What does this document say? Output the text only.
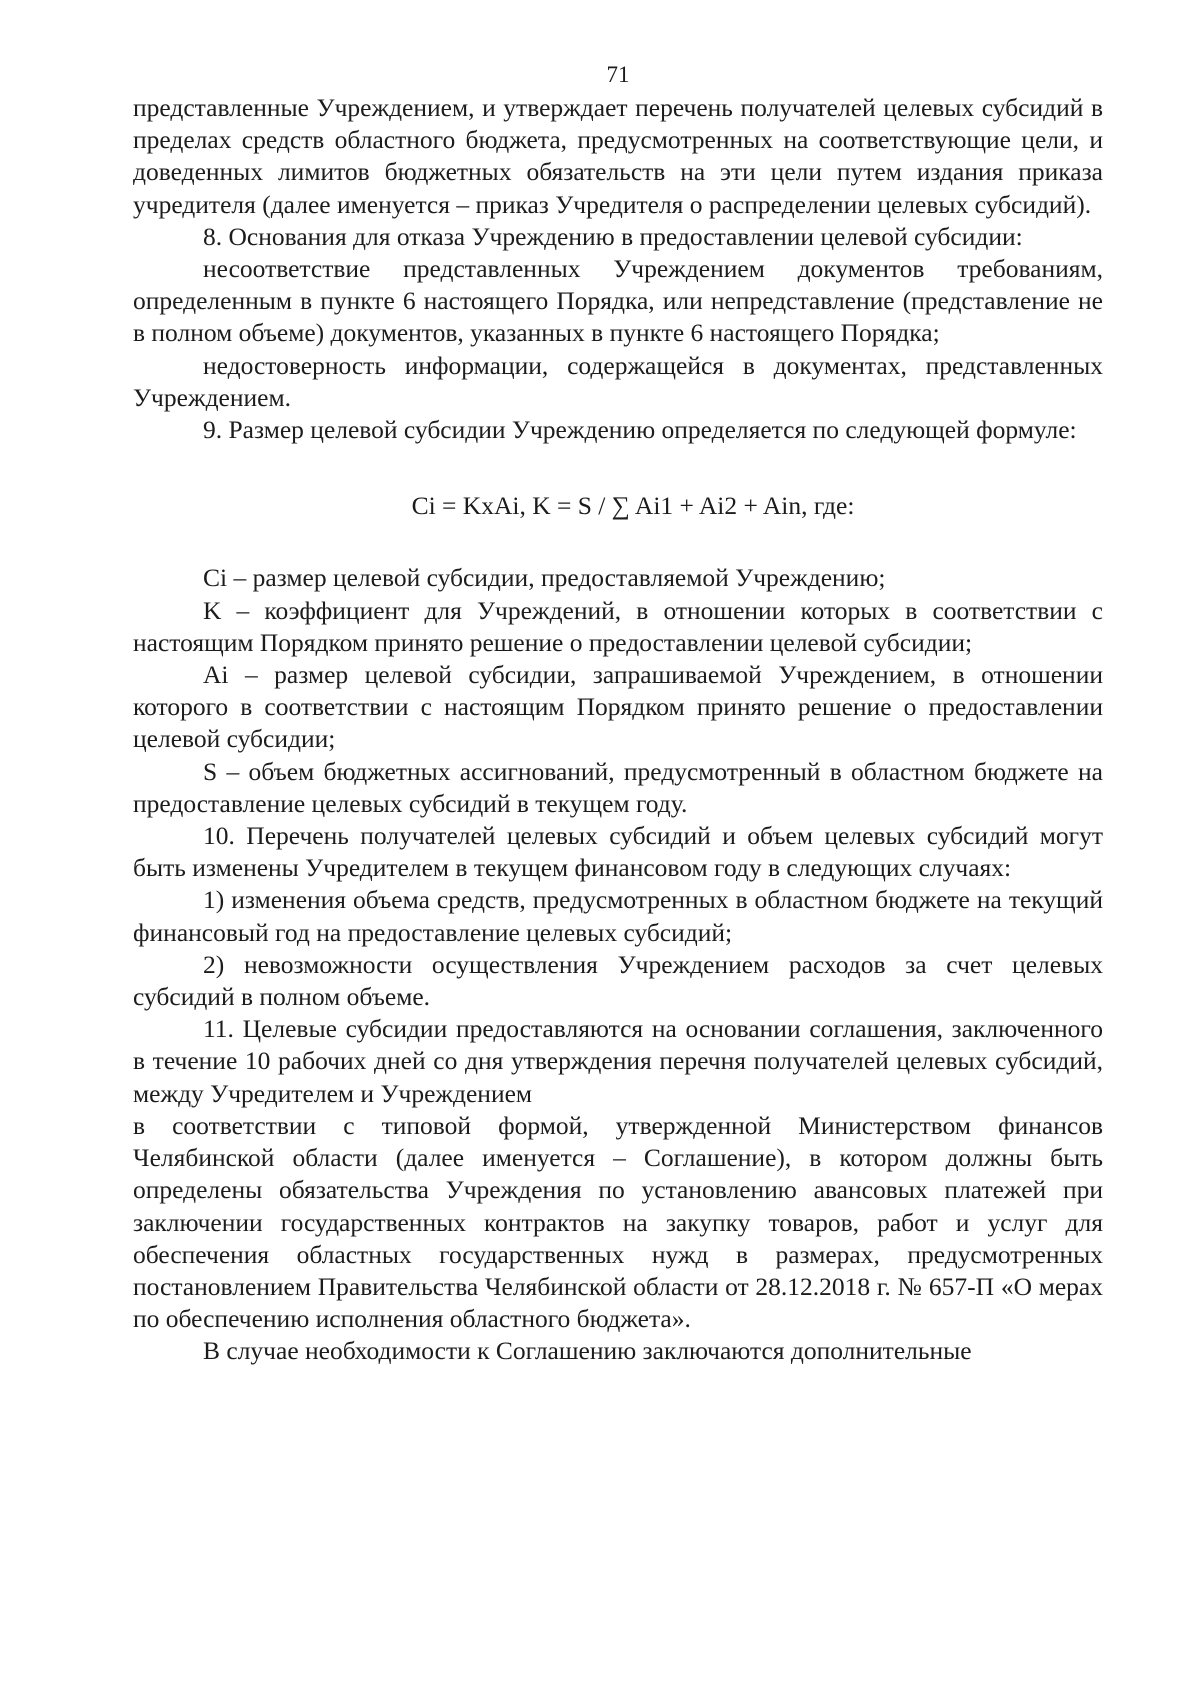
71

представленные Учреждением, и утверждает перечень получателей целевых субсидий в пределах средств областного бюджета, предусмотренных на соответствующие цели, и доведенных лимитов бюджетных обязательств на эти цели путем издания приказа учредителя (далее именуется – приказ Учредителя о распределении целевых субсидий).

8. Основания для отказа Учреждению в предоставлении целевой субсидии:

несоответствие представленных Учреждением документов требованиям, определенным в пункте 6 настоящего Порядка, или непредставление (представление не в полном объеме) документов, указанных в пункте 6 настоящего Порядка;

недостоверность информации, содержащейся в документах, представленных Учреждением.

9. Размер целевой субсидии Учреждению определяется по следующей формуле:

Ci = KxAi, K = S / ∑ Ai1 + Ai2 + Ain, где:

Ci – размер целевой субсидии, предоставляемой Учреждению;

K – коэффициент для Учреждений, в отношении которых в соответствии с настоящим Порядком принято решение о предоставлении целевой субсидии;

Ai – размер целевой субсидии, запрашиваемой Учреждением, в отношении которого в соответствии с настоящим Порядком принято решение о предоставлении целевой субсидии;

S – объем бюджетных ассигнований, предусмотренный в областном бюджете на предоставление целевых субсидий в текущем году.

10. Перечень получателей целевых субсидий и объем целевых субсидий могут быть изменены Учредителем в текущем финансовом году в следующих случаях:

1) изменения объема средств, предусмотренных в областном бюджете на текущий финансовый год на предоставление целевых субсидий;

2) невозможности осуществления Учреждением расходов за счет целевых субсидий в полном объеме.

11. Целевые субсидии предоставляются на основании соглашения, заключенного в течение 10 рабочих дней со дня утверждения перечня получателей целевых субсидий, между Учредителем и Учреждением

в соответствии с типовой формой, утвержденной Министерством финансов Челябинской области (далее именуется – Соглашение), в котором должны быть определены обязательства Учреждения по установлению авансовых платежей при заключении государственных контрактов на закупку товаров, работ и услуг для обеспечения областных государственных нужд в размерах, предусмотренных постановлением Правительства Челябинской области от 28.12.2018 г. № 657-П «О мерах по обеспечению исполнения областного бюджета».

В случае необходимости к Соглашению заключаются дополнительные
